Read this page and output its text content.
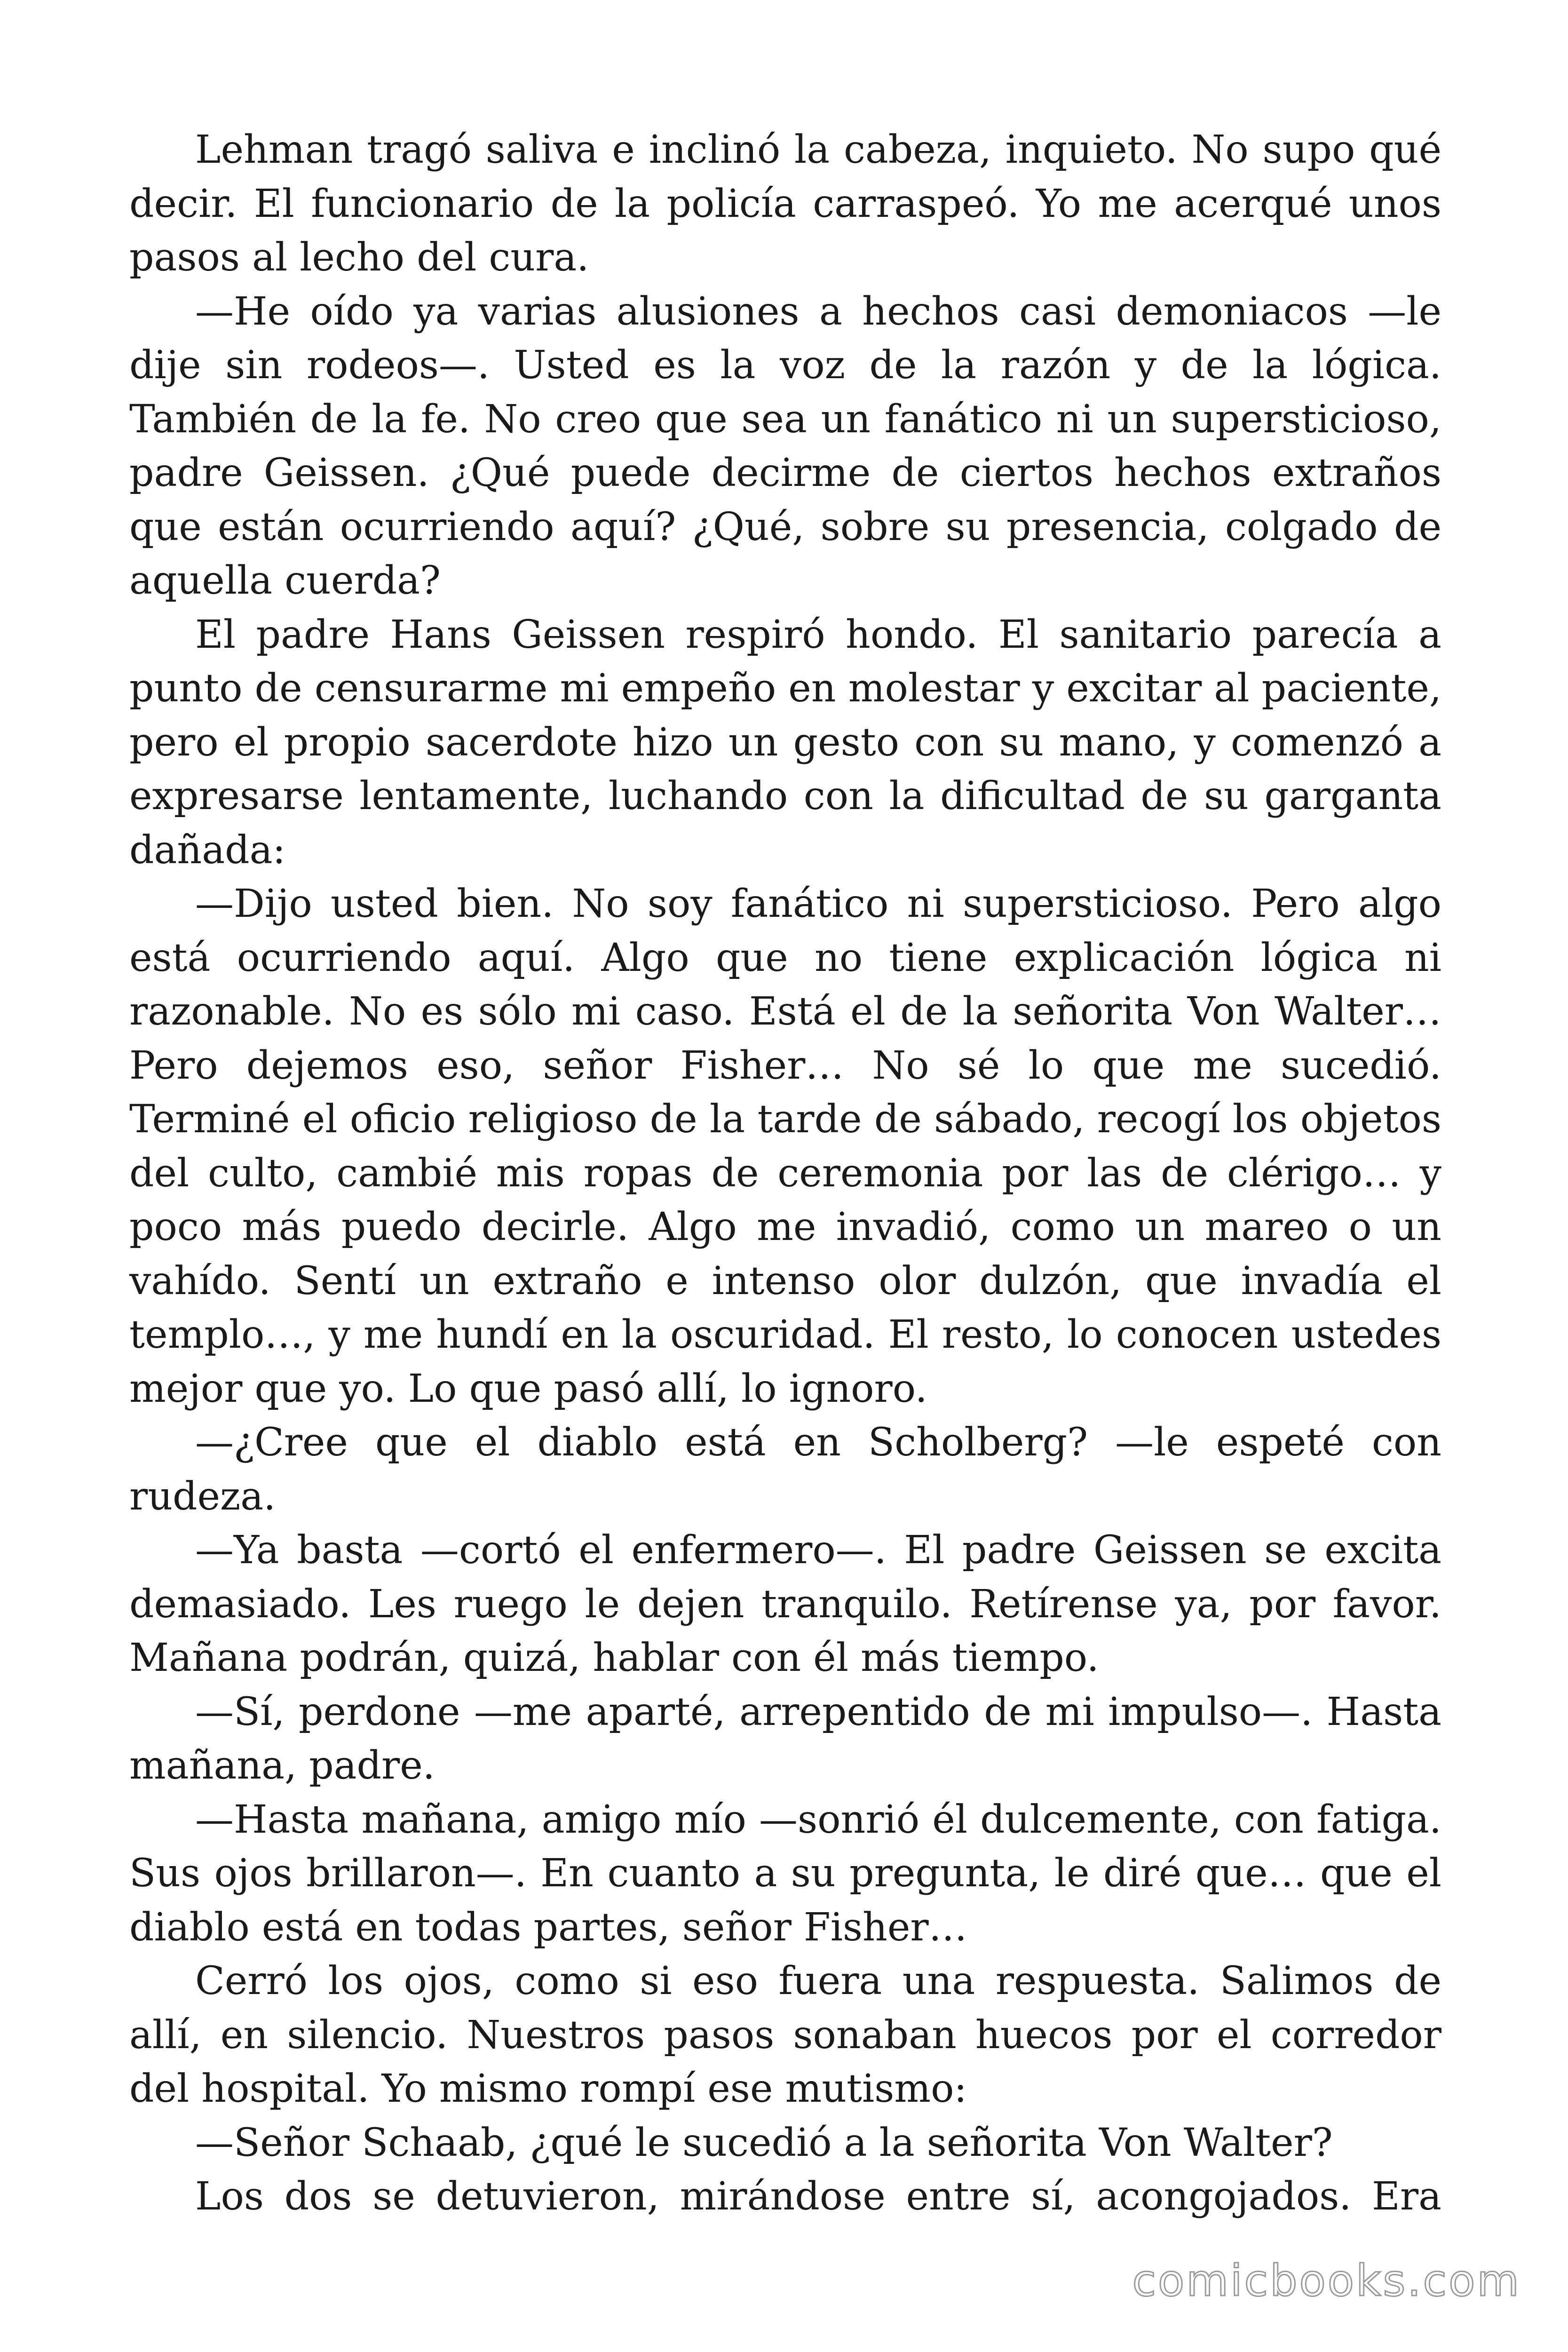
Lehman tragó saliva e inclinó la cabeza, inquieto. No supo qué decir. El funcionario de la policía carraspeó. Yo me acerqué unos pasos al lecho del cura.

—He oído ya varias alusiones a hechos casi demoniacos —le dije sin rodeos—. Usted es la voz de la razón y de la lógica. También de la fe. No creo que sea un fanático ni un supersticioso, padre Geissen. ¿Qué puede decirme de ciertos hechos extraños que están ocurriendo aquí? ¿Qué, sobre su presencia, colgado de aquella cuerda?

El padre Hans Geissen respiró hondo. El sanitario parecía a punto de censurarme mi empeño en molestar y excitar al paciente, pero el propio sacerdote hizo un gesto con su mano, y comenzó a expresarse lentamente, luchando con la dificultad de su garganta dañada:

—Dijo usted bien. No soy fanático ni supersticioso. Pero algo está ocurriendo aquí. Algo que no tiene explicación lógica ni razonable. No es sólo mi caso. Está el de la señorita Von Walter… Pero dejemos eso, señor Fisher… No sé lo que me sucedió. Terminé el oficio religioso de la tarde de sábado, recogí los objetos del culto, cambié mis ropas de ceremonia por las de clérigo… y poco más puedo decirle. Algo me invadió, como un mareo o un vahído. Sentí un extraño e intenso olor dulzón, que invadía el templo…, y me hundí en la oscuridad. El resto, lo conocen ustedes mejor que yo. Lo que pasó allí, lo ignoro.

—¿Cree que el diablo está en Scholberg? —le espeté con rudeza.

—Ya basta —cortó el enfermero—. El padre Geissen se excita demasiado. Les ruego le dejen tranquilo. Retírense ya, por favor. Mañana podrán, quizá, hablar con él más tiempo.

—Sí, perdone —me aparté, arrepentido de mi impulso—. Hasta mañana, padre.

—Hasta mañana, amigo mío —sonrió él dulcemente, con fatiga. Sus ojos brillaron—. En cuanto a su pregunta, le diré que… que el diablo está en todas partes, señor Fisher…

Cerró los ojos, como si eso fuera una respuesta. Salimos de allí, en silencio. Nuestros pasos sonaban huecos por el corredor del hospital. Yo mismo rompí ese mutismo:

—Señor Schaab, ¿qué le sucedió a la señorita Von Walter?

Los dos se detuvieron, mirándose entre sí, acongojados. Era

comicbooks.com
